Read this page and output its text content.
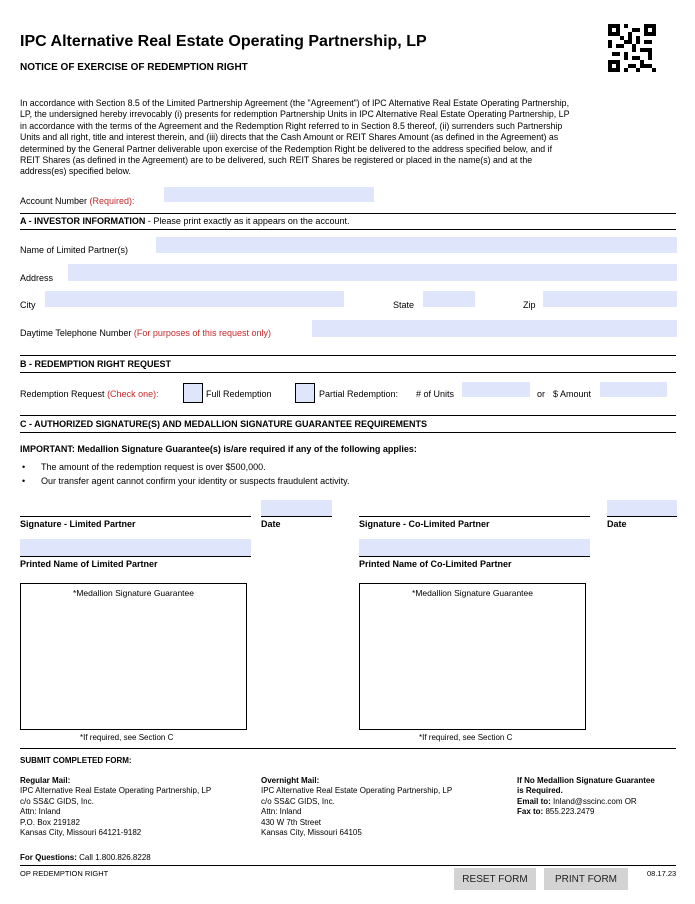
IPC Alternative Real Estate Operating Partnership, LP
NOTICE OF EXERCISE OF REDEMPTION RIGHT
In accordance with Section 8.5 of the Limited Partnership Agreement (the "Agreement") of IPC Alternative Real Estate Operating Partnership,
LP, the undersigned hereby irrevocably (i) presents for redemption Partnership Units in IPC Alternative Real Estate Operating Partnership, LP
in accordance with the terms of the Agreement and the Redemption Right referred to in Section 8.5 thereof, (ii) surrenders such Partnership
Units and all right, title and interest therein, and (iii) directs that the Cash Amount or REIT Shares Amount (as defined in the Agreement) as
determined by the General Partner deliverable upon exercise of the Redemption Right be delivered to the address specified below, and if
REIT Shares (as defined in the Agreement) are to be delivered, such REIT Shares be registered or placed in the name(s) and at the
address(es) specified below.
Account Number (Required):
A - INVESTOR INFORMATION - Please print exactly as it appears on the account.
Name of Limited Partner(s)
Address
City	State	Zip
Daytime Telephone Number (For purposes of this request only)
B - REDEMPTION RIGHT REQUEST
Redemption Request (Check one):	Full Redemption	Partial Redemption: # of Units	or $ Amount
C - AUTHORIZED SIGNATURE(S) AND MEDALLION SIGNATURE GUARANTEE REQUIREMENTS
IMPORTANT: Medallion Signature Guarantee(s) is/are required if any of the following applies:
• The amount of the redemption request is over $500,000.
• Our transfer agent cannot confirm your identity or suspects fraudulent activity.
Signature - Limited Partner	Date	Signature - Co-Limited Partner	Date
Printed Name of Limited Partner	Printed Name of Co-Limited Partner
*Medallion Signature Guarantee
*If required, see Section C
*Medallion Signature Guarantee
*If required, see Section C
SUBMIT COMPLETED FORM:
Regular Mail:
IPC Alternative Real Estate Operating Partnership, LP
c/o SS&C GIDS, Inc.
Attn: Inland
P.O. Box 219182
Kansas City, Missouri 64121-9182
Overnight Mail:
IPC Alternative Real Estate Operating Partnership, LP
c/o SS&C GIDS, Inc.
Attn: Inland
430 W 7th Street
Kansas City, Missouri 64105
If No Medallion Signature Guarantee
is Required.
Email to: Inland@sscinc.com OR
Fax to: 855.223.2479
For Questions: Call 1.800.826.8228
OP REDEMPTION RIGHT	RESET FORM	PRINT FORM	08.17.23
